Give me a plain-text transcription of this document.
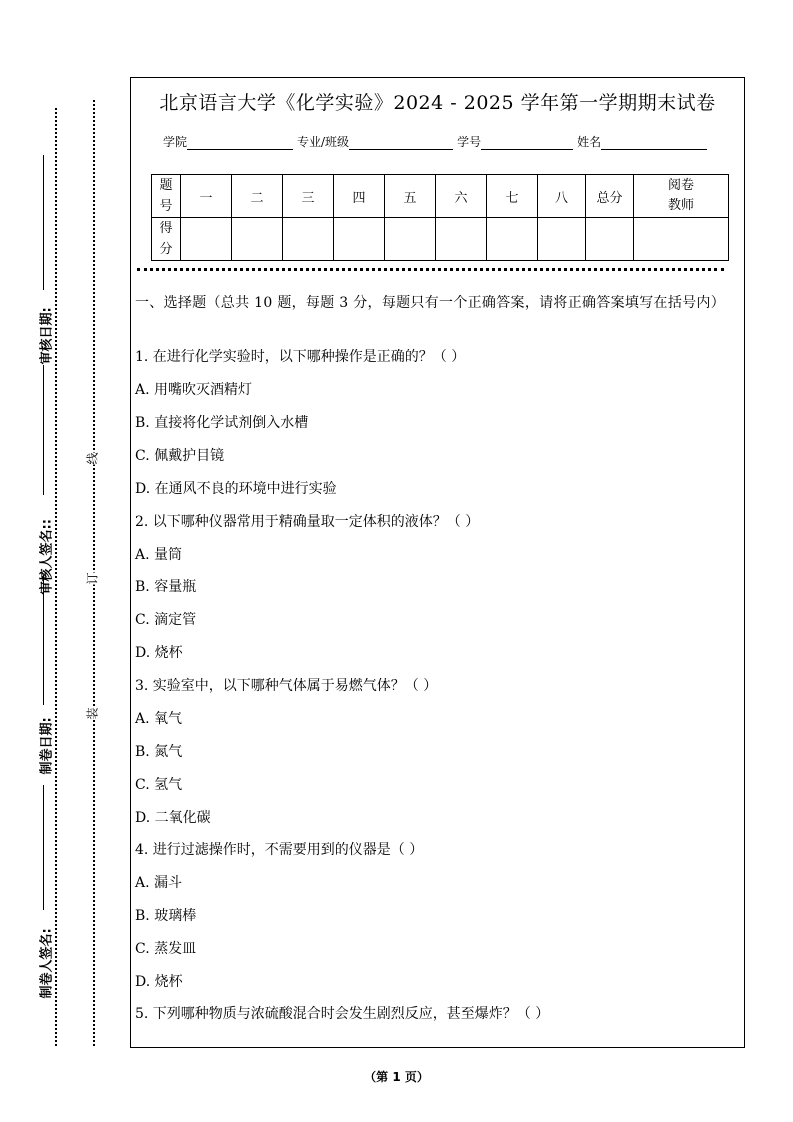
审核日期:
审核人签名::
制卷日期:
制卷人签名:
线
订
装
北京语言大学《化学实验》2024 - 2025 学年第一学期期末试卷
学院	专业/班级	学号	姓名
题号	一	二	三	四	五	六	七	八	总分	阅卷教师
得分										

一、选择题（总共 10 题，每题 3 分，每题只有一个正确答案，请将正确答案填写在括号内）

1. 在进行化学实验时，以下哪种操作是正确的？（ ）
A. 用嘴吹灭酒精灯
B. 直接将化学试剂倒入水槽
C. 佩戴护目镜
D. 在通风不良的环境中进行实验
2. 以下哪种仪器常用于精确量取一定体积的液体？（ ）
A. 量筒
B. 容量瓶
C. 滴定管
D. 烧杯
3. 实验室中，以下哪种气体属于易燃气体？（ ）
A. 氧气
B. 氮气
C. 氢气
D. 二氧化碳
4. 进行过滤操作时，不需要用到的仪器是（ ）
A. 漏斗
B. 玻璃棒
C. 蒸发皿
D. 烧杯
5. 下列哪种物质与浓硫酸混合时会发生剧烈反应，甚至爆炸？（ ）
（第 1 页）
